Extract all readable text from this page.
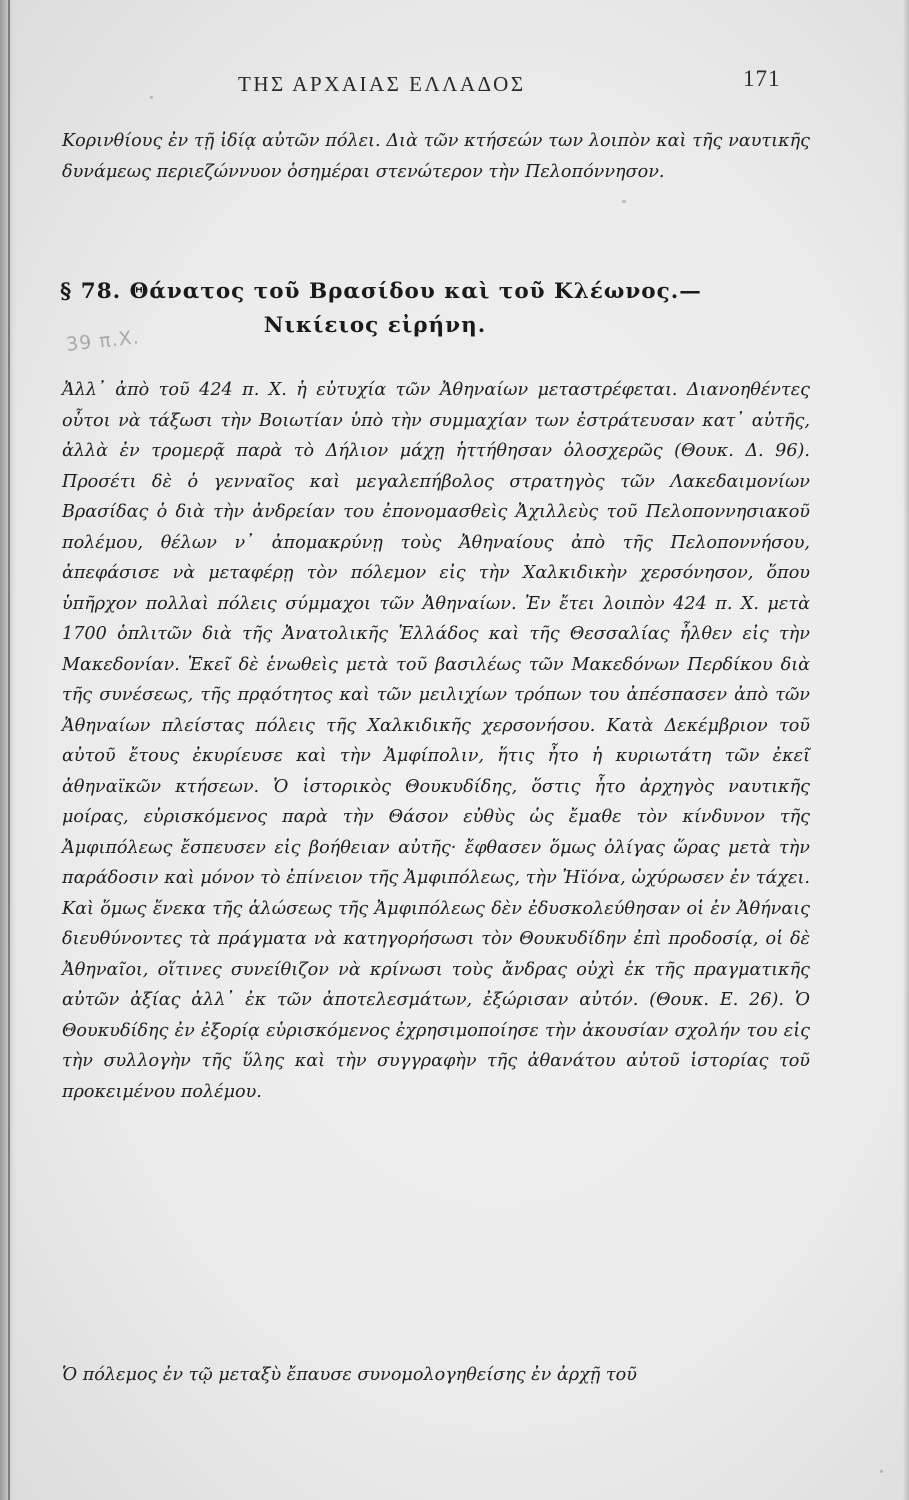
ΤΗΣ ΑΡΧΑΙΑΣ ΕΛΛΑΔΟΣ	171

Κορινθίους ἐν τῇ ἰδίᾳ αὐτῶν πόλει. Διὰ τῶν κτήσεών των λοιπὸν καὶ τῆς ναυτικῆς δυνάμεως περιεζώννυον ὁσημέραι στενώτερον τὴν Πελοπόννησον.

§ 78. Θάνατος τοῦ Βρασίδου καὶ τοῦ Κλέωνος.—
Νικίειος εἰρήνη.
39 π.Χ.

Ἀλλ᾽ ἀπὸ τοῦ 424 π. Χ. ἡ εὐτυχία τῶν Ἀθηναίων μεταστρέφεται. Διανοηθέντες οὗτοι νὰ τάξωσι τὴν Βοιωτίαν ὑπὸ τὴν συμμαχίαν των ἐστράτευσαν κατ᾽ αὐτῆς, ἀλλὰ ἐν τρομερᾷ παρὰ τὸ Δήλιον μάχῃ ἡττήθησαν ὁλοσχερῶς (Θουκ. Δ. 96). Προσέτι δὲ ὁ γενναῖος καὶ μεγαλεπήβολος στρατηγὸς τῶν Λακεδαιμονίων Βρασίδας ὁ διὰ τὴν ἀνδρείαν του ἐπονομασθεὶς Ἀχιλλεὺς τοῦ Πελοποννησιακοῦ πολέμου, θέλων ν᾽ ἀπομακρύνῃ τοὺς Ἀθηναίους ἀπὸ τῆς Πελοποννήσου, ἀπεφάσισε νὰ μεταφέρῃ τὸν πόλεμον εἰς τὴν Χαλκιδικὴν χερσόνησον, ὅπου ὑπῆρχον πολλαὶ πόλεις σύμμαχοι τῶν Ἀθηναίων. Ἐν ἔτει λοιπὸν 424 π. Χ. μετὰ 1700 ὁπλιτῶν διὰ τῆς Ἀνατολικῆς Ἑλλάδος καὶ τῆς Θεσσαλίας ἦλθεν εἰς τὴν Μακεδονίαν. Ἐκεῖ δὲ ἑνωθεὶς μετὰ τοῦ βασιλέως τῶν Μακεδόνων Περδίκου διὰ τῆς συνέσεως, τῆς πρᾳότητος καὶ τῶν μειλιχίων τρόπων του ἀπέσπασεν ἀπὸ τῶν Ἀθηναίων πλείστας πόλεις τῆς Χαλκιδικῆς χερσονήσου. Κατὰ Δεκέμβριον τοῦ αὐτοῦ ἔτους ἐκυρίευσε καὶ τὴν Ἀμφίπολιν, ἥτις ἦτο ἡ κυριωτάτη τῶν ἐκεῖ ἀθηναϊκῶν κτήσεων. Ὁ ἱστορικὸς Θουκυδίδης, ὅστις ἦτο ἀρχηγὸς ναυτικῆς μοίρας, εὑρισκόμενος παρὰ τὴν Θάσον εὐθὺς ὡς ἔμαθε τὸν κίνδυνον τῆς Ἀμφιπόλεως ἔσπευσεν εἰς βοήθειαν αὐτῆς· ἔφθασεν ὅμως ὀλίγας ὥρας μετὰ τὴν παράδοσιν καὶ μόνον τὸ ἐπίνειον τῆς Ἀμφιπόλεως, τὴν Ἠϊόνα, ὠχύρωσεν ἐν τάχει. Καὶ ὅμως ἕνεκα τῆς ἁλώσεως τῆς Ἀμφιπόλεως δὲν ἐδυσκολεύθησαν οἱ ἐν Ἀθήναις διευθύνοντες τὰ πράγματα νὰ κατηγορήσωσι τὸν Θουκυδίδην ἐπὶ προδοσίᾳ, οἱ δὲ Ἀθηναῖοι, οἵτινες συνείθιζον νὰ κρίνωσι τοὺς ἄνδρας οὐχὶ ἐκ τῆς πραγματικῆς αὐτῶν ἀξίας ἀλλ᾽ ἐκ τῶν ἀποτελεσμάτων, ἐξώρισαν αὐτόν. (Θουκ. Ε. 26). Ὁ Θουκυδίδης ἐν ἐξορίᾳ εὑρισκόμενος ἐχρησιμοποίησε τὴν ἀκουσίαν σχολήν του εἰς τὴν συλλογὴν τῆς ὕλης καὶ τὴν συγγραφὴν τῆς ἀθανάτου αὐτοῦ ἱστορίας τοῦ προκειμένου πολέμου.

Ὁ πόλεμος ἐν τῷ μεταξὺ ἔπαυσε συνομολογηθείσης ἐν ἀρχῇ τοῦ
